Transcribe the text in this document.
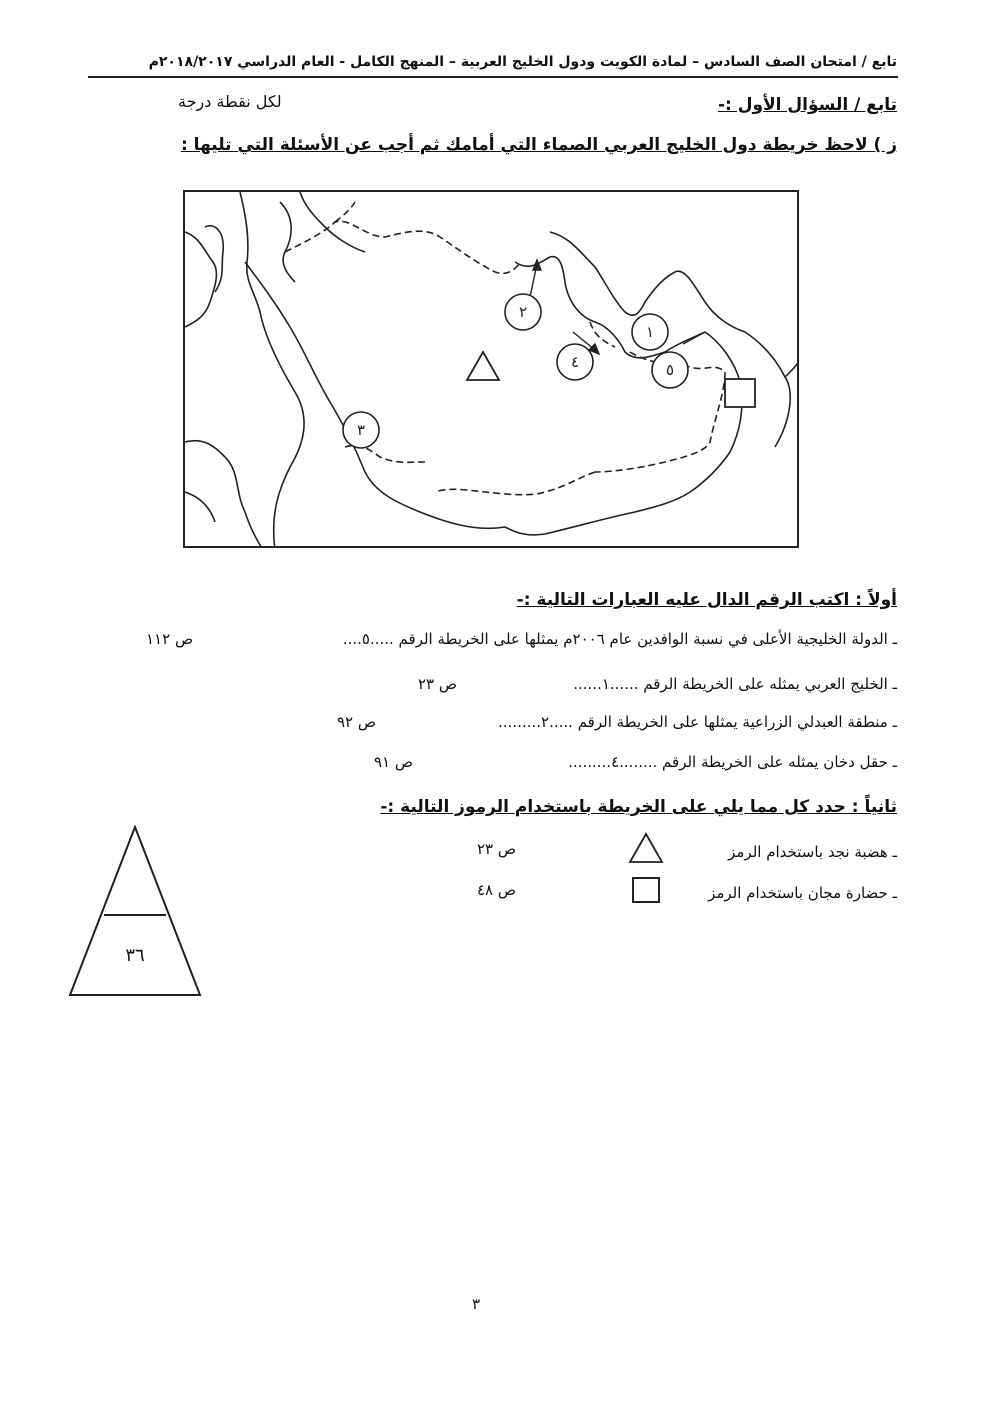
تابع / امتحان الصف السادس – لمادة الكويت ودول الخليج العربية – المنهج الكامل - العام الدراسي ٢٠١٨/٢٠١٧م
تابع / السؤال الأول :-
لكل نقطة درجة
ز ) لاحظ خريطة دول الخليج العربي الصماء التي أمامك ثم أجب عن الأسئلة التي تليها :
١
٢
٣
٤	٥
أولاً : اكتب الرقم الدال عليه العبارات التالية :-
ـ الدولة الخليجية الأعلى في نسبة الوافدين عام ٢٠٠٦م يمثلها على الخريطة الرقم .....٥....
ص ١١٢
ـ الخليج العربي يمثله على الخريطة الرقم ......١......
ص ٢٣
ـ منطقة العبدلي الزراعية يمثلها على الخريطة الرقم .....٢.........
ص ٩٢
ـ حقل دخان يمثله على الخريطة الرقم ........٤.........
ص ٩١
ثانياً : حدد كل مما يلي على الخريطة باستخدام الرموز التالية :-
ـ هضبة نجد باستخدام الرمز
ص ٢٣
ـ حضارة مجان باستخدام الرمز
ص ٤٨
٣٦
٣
